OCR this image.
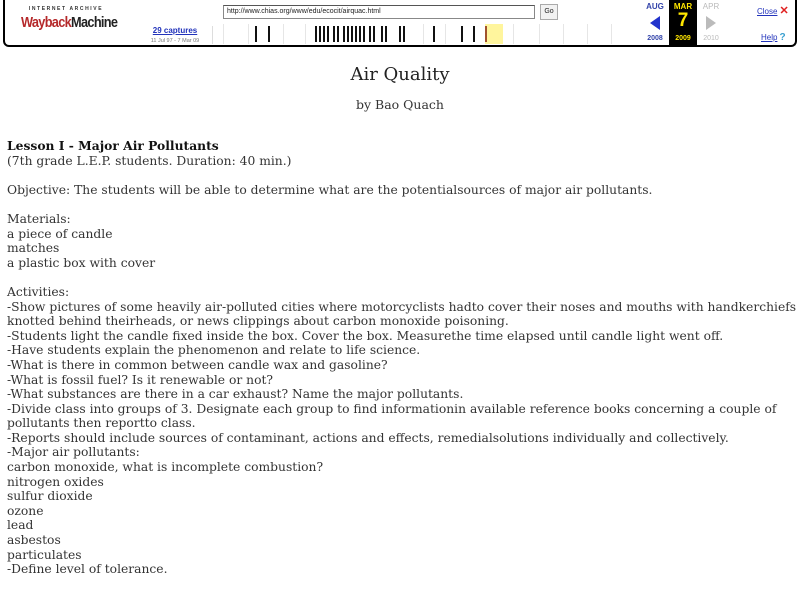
INTERNET ARCHIVE
WaybackMachine	29 captures
11 Jul 97 - 7 Mar 09
http://www.chias.org/www/edu/ecocit/airquac.html	Go
AUG
2008
MAR
7
2009
APR
2010
Close ✕
Help ?
Air Quality
by Bao Quach
Lesson I - Major Air Pollutants
(7th grade L.E.P. students. Duration: 40 min.)
Objective: The students will be able to determine what are the potentialsources of major air pollutants.
Materials:
a piece of candle
matches
a plastic box with cover
Activities:
-Show pictures of some heavily air-polluted cities where motorcyclists hadto cover their noses and mouths with handkerchiefs knotted behind theirheads, or news clippings about carbon monoxide poisoning.
-Students light the candle fixed inside the box. Cover the box. Measurethe time elapsed until candle light went off.
-Have students explain the phenomenon and relate to life science.
-What is there in common between candle wax and gasoline?
-What is fossil fuel? Is it renewable or not?
-What substances are there in a car exhaust? Name the major pollutants.
-Divide class into groups of 3. Designate each group to find informationin available reference books concerning a couple of pollutants then reportto class.
-Reports should include sources of contaminant, actions and effects, remedialsolutions individually and collectively.
-Major air pollutants:
carbon monoxide, what is incomplete combustion?
nitrogen oxides
sulfur dioxide
ozone
lead
asbestos
particulates
-Define level of tolerance.
